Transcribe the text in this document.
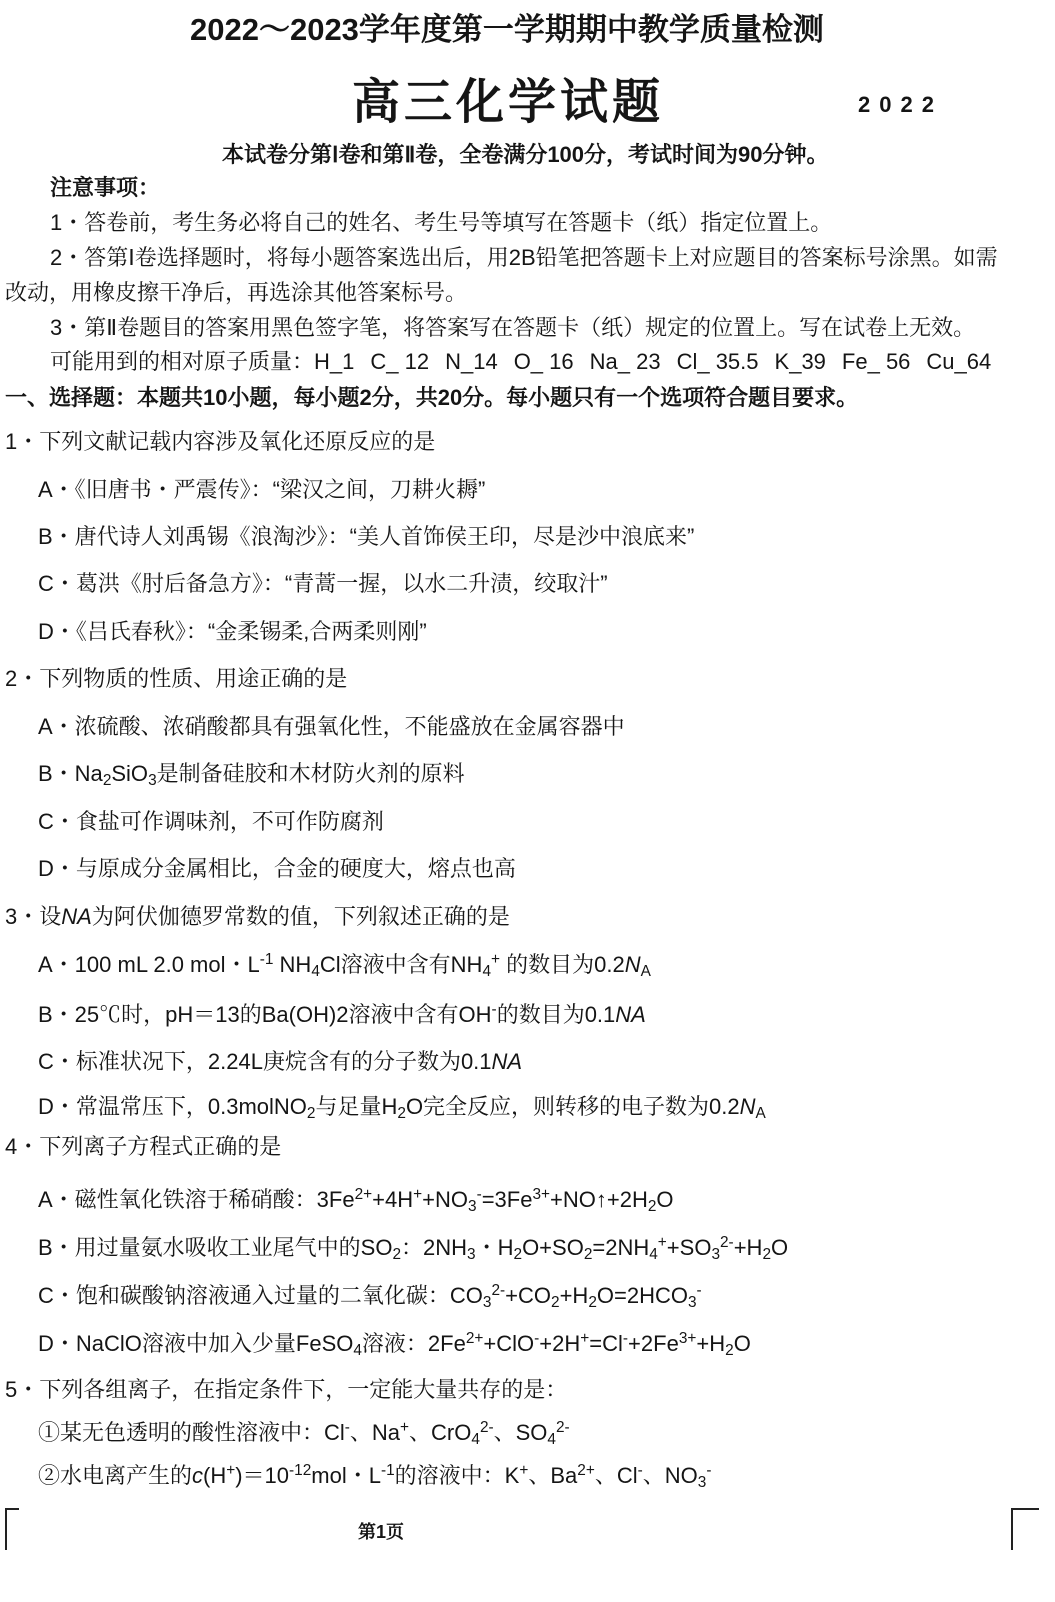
2022～2023学年度第一学期期中教学质量检测
高三化学试题	2022
本试卷分第Ⅰ卷和第Ⅱ卷，全卷满分100分，考试时间为90分钟。
注意事项：
1・答卷前，考生务必将自己的姓名、考生号等填写在答题卡（纸）指定位置上。
2・答第Ⅰ卷选择题时，将每小题答案选出后，用2B铅笔把答题卡上对应题目的答案标号涂黑。如需
改动，用橡皮擦干净后，再选涂其他答案标号。
3・第Ⅱ卷题目的答案用黑色签字笔，将答案写在答题卡（纸）规定的位置上。写在试卷上无效。
可能用到的相对原子质量：H_1 C_ 12 N_14 O_ 16 Na_ 23 Cl_ 35.5 K_39 Fe_ 56 Cu_64
一、选择题：本题共10小题，每小题2分，共20分。每小题只有一个选项符合题目要求。
1・下列文献记载内容涉及氧化还原反应的是
A・《旧唐书・严震传》：“梁汉之间，刀耕火耨”
B・唐代诗人刘禹锡《浪淘沙》：“美人首饰侯王印，尽是沙中浪底来”
C・葛洪《肘后备急方》：“青蒿一握，以水二升渍，绞取汁”
D・《吕氏春秋》：“金柔锡柔,合两柔则刚”
2・下列物质的性质、用途正确的是
A・浓硫酸、浓硝酸都具有强氧化性，不能盛放在金属容器中
B・$Na_2SiO_3$是制备硅胶和木材防火剂的原料
C・食盐可作调味剂，不可作防腐剂
D・与原成分金属相比，合金的硬度大，熔点也高
3・设NA为阿伏伽德罗常数的值，下列叙述正确的是
A・100 mL 2.0 mol・$L^{-1}$ $NH_4Cl$溶液中含有$NH_4^+$ 的数目为$0.2N_A$
B・25℃时，pH＝13的Ba(OH)2溶液中含有OH-的数目为0.1NA
C・标准状况下，2.24L庚烷含有的分子数为0.1NA
D・常温常压下，0.3molNO$_2$与足量$H_2O$完全反应，则转移的电子数为$0.2N_A$
4・下列离子方程式正确的是
A・磁性氧化铁溶于稀硝酸：$3Fe^{2+}+4H^++NO_3^-=3Fe^{3+}+NO↑+2H_2O$
B・用过量氨水吸收工业尾气中的$SO_2$：$2NH_3$・$H_2O+SO_2=2NH_4^++SO_3^{2-}+H_2O$
C・饱和碳酸钠溶液通入过量的二氧化碳：$CO_3^{2-}+CO_2+H_2O=2HCO_3^-$
D・NaClO溶液中加入少量FeSO$_4$溶液：$2Fe^{2+}+ClO^-+2H^+=Cl^-+2Fe^{3+}+H_2O$
5・下列各组离子，在指定条件下，一定能大量共存的是：
①某无色透明的酸性溶液中：Cl-、Na+、CrO$_4^{2-}$、$SO_4^{2-}$
②水电离产生的$c(H^+)=10^{-12}mol$・$L^{-1}$的溶液中：K+、$Ba^{2+}$、Cl-、$NO_3^-$
第1页
